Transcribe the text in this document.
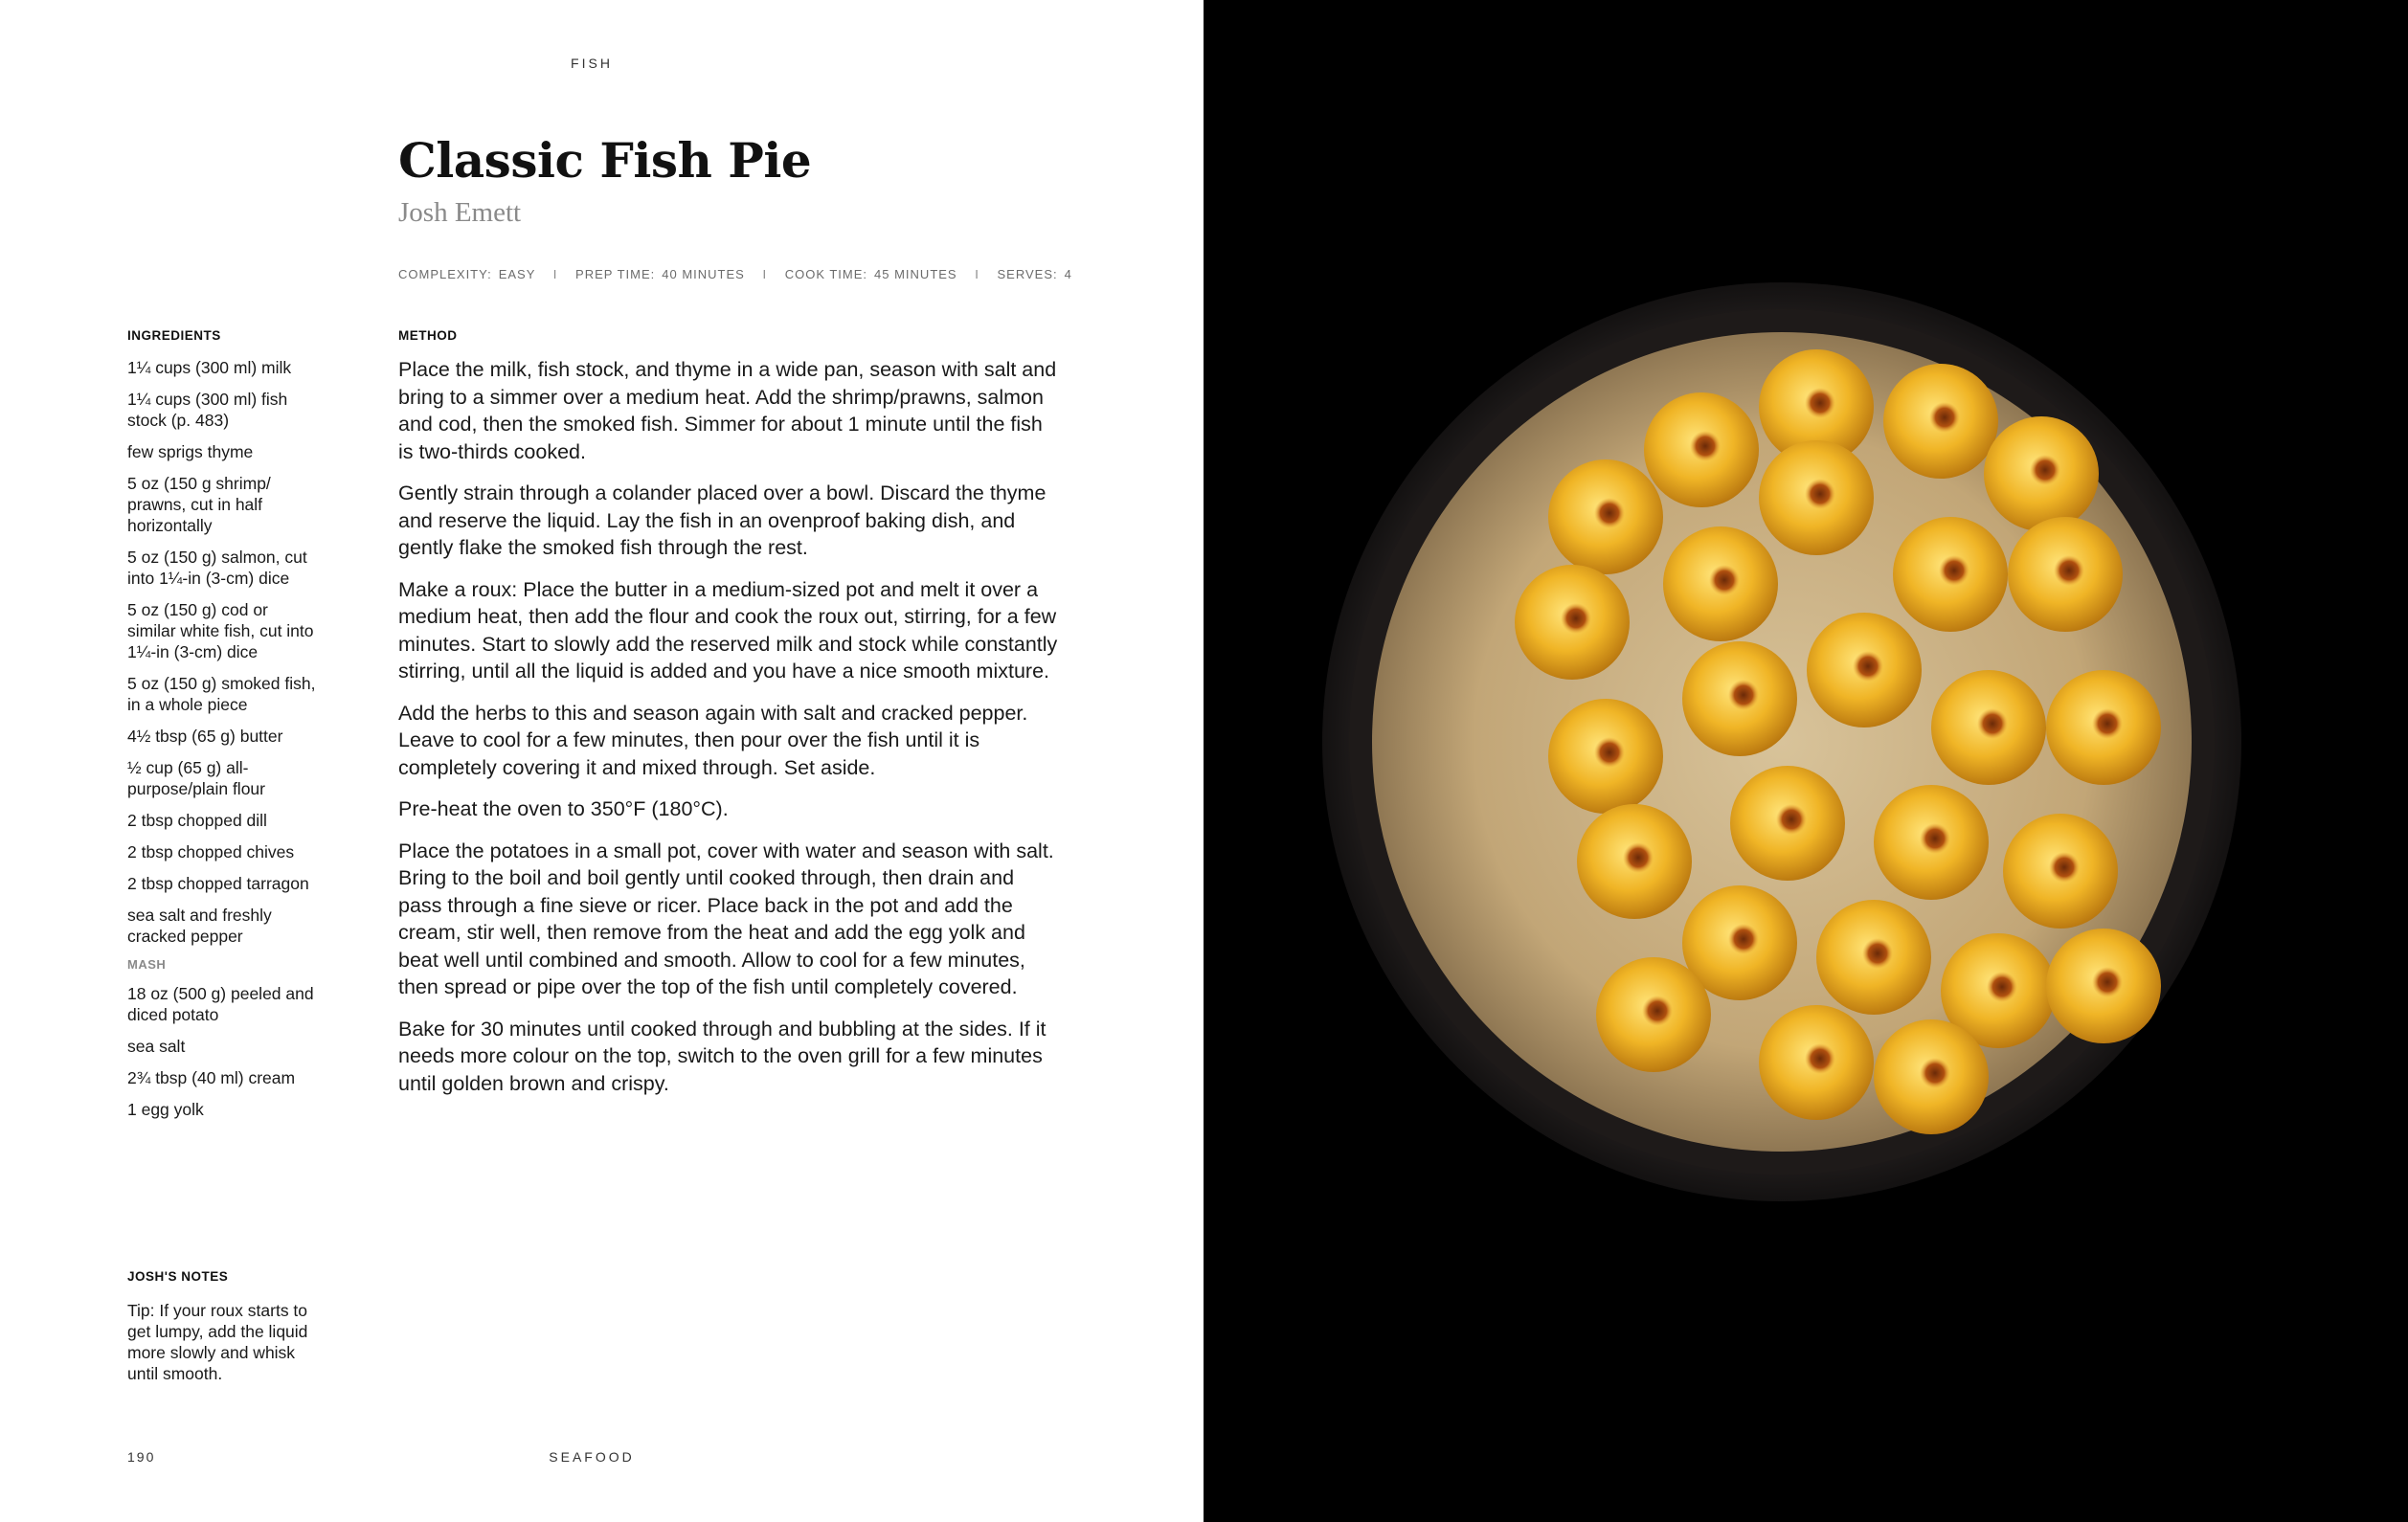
FISH
Classic Fish Pie
Josh Emett
COMPLEXITY: EASY I PREP TIME: 40 MINUTES I COOK TIME: 45 MINUTES I SERVES: 4
INGREDIENTS
1¼ cups (300 ml) milk
1¼ cups (300 ml) fish stock (p. 483)
few sprigs thyme
5 oz (150 g shrimp/ prawns, cut in half horizontally
5 oz (150 g) salmon, cut into 1¼-in (3-cm) dice
5 oz (150 g) cod or similar white fish, cut into 1¼-in (3-cm) dice
5 oz (150 g) smoked fish, in a whole piece
4½ tbsp (65 g) butter
½ cup (65 g) all-purpose/plain flour
2 tbsp chopped dill
2 tbsp chopped chives
2 tbsp chopped tarragon
sea salt and freshly cracked pepper
MASH
18 oz (500 g) peeled and diced potato
sea salt
2¾ tbsp (40 ml) cream
1 egg yolk
JOSH'S NOTES
Tip: If your roux starts to get lumpy, add the liquid more slowly and whisk until smooth.
METHOD

Place the milk, fish stock, and thyme in a wide pan, season with salt and bring to a simmer over a medium heat. Add the shrimp/prawns, salmon and cod, then the smoked fish. Simmer for about 1 minute until the fish is two-thirds cooked.

Gently strain through a colander placed over a bowl. Discard the thyme and reserve the liquid. Lay the fish in an ovenproof baking dish, and gently flake the smoked fish through the rest.

Make a roux: Place the butter in a medium-sized pot and melt it over a medium heat, then add the flour and cook the roux out, stirring, for a few minutes. Start to slowly add the reserved milk and stock while constantly stirring, until all the liquid is added and you have a nice smooth mixture.

Add the herbs to this and season again with salt and cracked pepper. Leave to cool for a few minutes, then pour over the fish until it is completely covering it and mixed through. Set aside.

Pre-heat the oven to 350°F (180°C).

Place the potatoes in a small pot, cover with water and season with salt. Bring to the boil and boil gently until cooked through, then drain and pass through a fine sieve or ricer. Place back in the pot and add the cream, stir well, then remove from the heat and add the egg yolk and beat well until combined and smooth. Allow to cool for a few minutes, then spread or pipe over the top of the fish until completely covered.

Bake for 30 minutes until cooked through and bubbling at the sides. If it needs more colour on the top, switch to the oven grill for a few minutes until golden brown and crispy.

190	SEAFOOD
